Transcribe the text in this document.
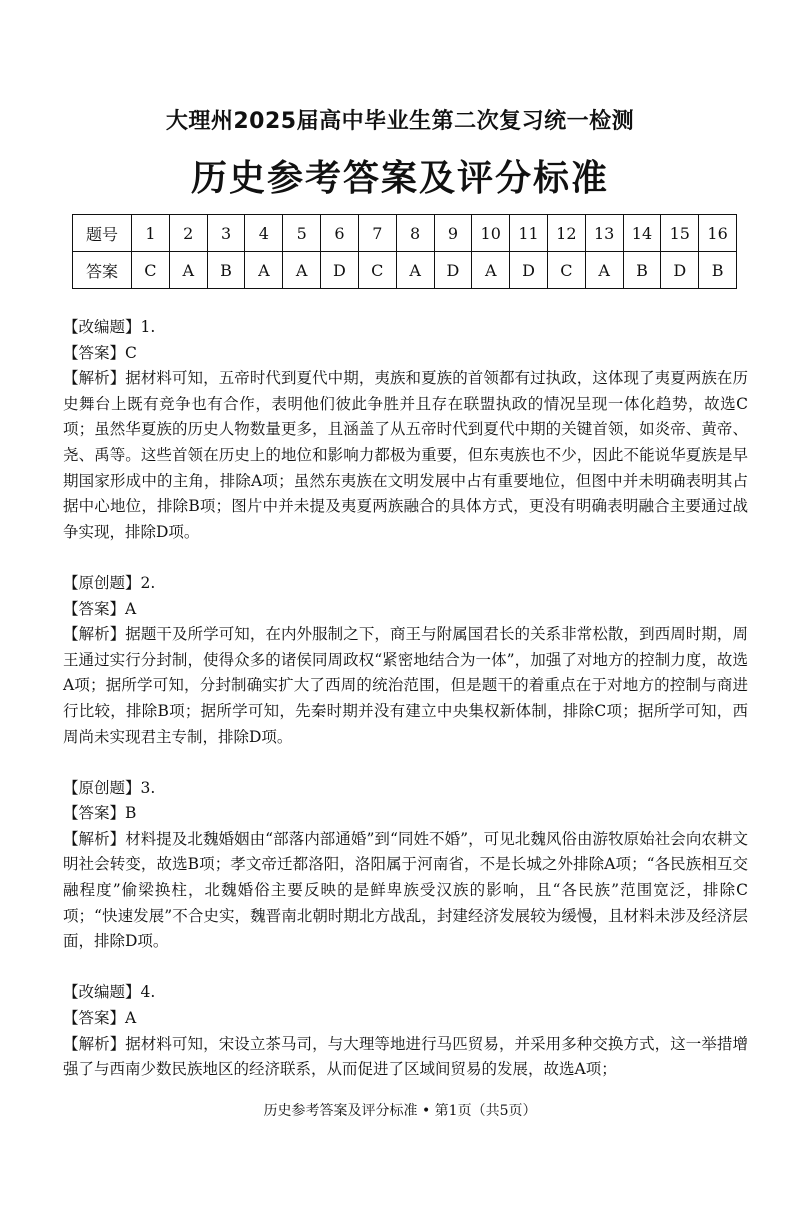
大理州2025届高中毕业生第二次复习统一检测
历史参考答案及评分标准
题号	1	2	3	4	5	6	7	8	9	10	11	12	13	14	15	16
答案	C	A	B	A	A	D	C	A	D	A	D	C	A	B	D	B
【改编题】1.
【答案】C
【解析】据材料可知，五帝时代到夏代中期，夷族和夏族的首领都有过执政，这体现了夷夏两族在历史舞台上既有竞争也有合作，表明他们彼此争胜并且存在联盟执政的情况呈现一体化趋势，故选C项；虽然华夏族的历史人物数量更多，且涵盖了从五帝时代到夏代中期的关键首领，如炎帝、黄帝、尧、禹等。这些首领在历史上的地位和影响力都极为重要，但东夷族也不少，因此不能说华夏族是早期国家形成中的主角，排除A项；虽然东夷族在文明发展中占有重要地位，但图中并未明确表明其占据中心地位，排除B项；图片中并未提及夷夏两族融合的具体方式，更没有明确表明融合主要通过战争实现，排除D项。
【原创题】2.
【答案】A
【解析】据题干及所学可知，在内外服制之下，商王与附属国君长的关系非常松散，到西周时期，周王通过实行分封制，使得众多的诸侯同周政权“紧密地结合为一体”，加强了对地方的控制力度，故选A项；据所学可知，分封制确实扩大了西周的统治范围，但是题干的着重点在于对地方的控制与商进行比较，排除B项；据所学可知，先秦时期并没有建立中央集权新体制，排除C项；据所学可知，西周尚未实现君主专制，排除D项。
【原创题】3.
【答案】B
【解析】材料提及北魏婚姻由“部落内部通婚”到“同姓不婚”，可见北魏风俗由游牧原始社会向农耕文明社会转变，故选B项；孝文帝迁都洛阳，洛阳属于河南省，不是长城之外排除A项；“各民族相互交融程度”偷梁换柱，北魏婚俗主要反映的是鲜卑族受汉族的影响，且“各民族”范围宽泛，排除C项；“快速发展”不合史实，魏晋南北朝时期北方战乱，封建经济发展较为缓慢，且材料未涉及经济层面，排除D项。
【改编题】4.
【答案】A
【解析】据材料可知，宋设立茶马司，与大理等地进行马匹贸易，并采用多种交换方式，这一举措增强了与西南少数民族地区的经济联系，从而促进了区域间贸易的发展，故选A项；
历史参考答案及评分标准 • 第1页（共5页）
